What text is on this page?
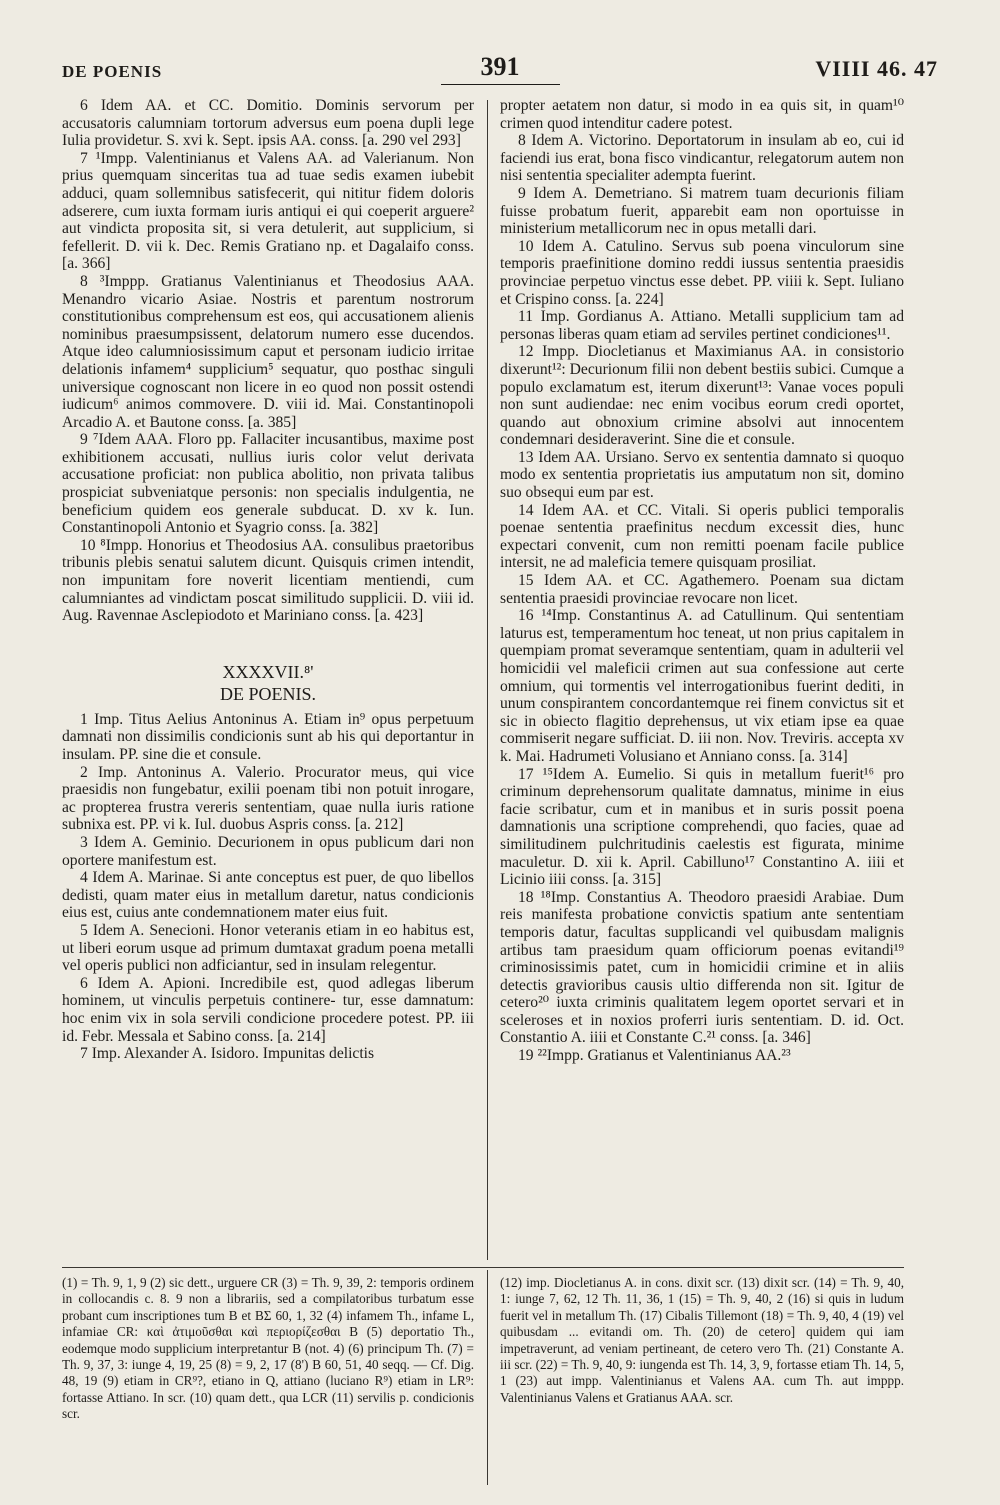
DE POENIS	391	VIIII 46. 47

6 Idem AA. et CC. Domitio. Dominis servorum per accusatoris calumniam tortorum adversus eum poena dupli lege Iulia providetur. S. xvi k. Sept. ipsis AA. conss. [a. 290 vel 293]

7 ¹Impp. Valentinianus et Valens AA. ad Valerianum. Non prius quemquam sinceritas tua ad tuae sedis examen iubebit adduci, quam sollemnibus satisfecerit, qui nititur fidem doloris adserere, cum iuxta formam iuris antiqui ei qui coeperit arguere² aut vindicta proposita sit, si vera detulerit, aut supplicium, si fefellerit. D. vii k. Dec. Remis Gratiano np. et Dagalaifo conss. [a. 366]

8 ³Imppp. Gratianus Valentinianus et Theodosius AAA. Menandro vicario Asiae. Nostris et parentum nostrorum constitutionibus comprehensum est eos, qui accusationem alienis nominibus praesumpsissent, delatorum numero esse ducendos. Atque ideo calumniosissimum caput et personam iudicio irritae delationis infamem⁴ supplicium⁵ sequatur, quo posthac singuli universique cognoscant non licere in eo quod non possit ostendi iudicum⁶ animos commovere. D. viii id. Mai. Constantinopoli Arcadio A. et Bautone conss. [a. 385]

9 ⁷Idem AAA. Floro pp. Fallaciter incusantibus, maxime post exhibitionem accusati, nullius iuris color velut derivata accusatione proficiat: non publica abolitio, non privata talibus prospiciat subveniatque personis: non specialis indulgentia, ne beneficium quidem eos generale subducat. D. xv k. Iun. Constantinopoli Antonio et Syagrio conss. [a. 382]

10 ⁸Impp. Honorius et Theodosius AA. consulibus praetoribus tribunis plebis senatui salutem dicunt. Quisquis crimen intendit, non impunitam fore noverit licentiam mentiendi, cum calumniantes ad vindictam poscat similitudo supplicii. D. viii id. Aug. Ravennae Asclepiodoto et Mariniano conss. [a. 423]

XXXXVII.⁸'
DE POENIS.

1 Imp. Titus Aelius Antoninus A. Etiam in⁹ opus perpetuum damnati non dissimilis condicionis sunt ab his qui deportantur in insulam. PP. sine die et consule.

2 Imp. Antoninus A. Valerio. Procurator meus, qui vice praesidis non fungebatur, exilii poenam tibi non potuit inrogare, ac propterea frustra vereris sententiam, quae nulla iuris ratione subnixa est. PP. vi k. Iul. duobus Aspris conss. [a. 212]

3 Idem A. Geminio. Decurionem in opus publicum dari non oportere manifestum est.

4 Idem A. Marinae. Si ante conceptus est puer, de quo libellos dedisti, quam mater eius in metallum daretur, natus condicionis eius est, cuius ante condemnationem mater eius fuit.

5 Idem A. Senecioni. Honor veteranis etiam in eo habitus est, ut liberi eorum usque ad primum dumtaxat gradum poena metalli vel operis publici non adficiantur, sed in insulam relegentur.

6 Idem A. Apioni. Incredibile est, quod adlegas liberum hominem, ut vinculis perpetuis continere- tur, esse damnatum: hoc enim vix in sola servili condicione procedere potest. PP. iii id. Febr. Messala et Sabino conss. [a. 214]

7 Imp. Alexander A. Isidoro. Impunitas delictis

propter aetatem non datur, si modo in ea quis sit, in quam¹⁰ crimen quod intenditur cadere potest.

8 Idem A. Victorino. Deportatorum in insulam ab eo, cui id faciendi ius erat, bona fisco vindicantur, relegatorum autem non nisi sententia specialiter adempta fuerint.

9 Idem A. Demetriano. Si matrem tuam decurionis filiam fuisse probatum fuerit, apparebit eam non oportuisse in ministerium metallicorum nec in opus metalli dari.

10 Idem A. Catulino. Servus sub poena vinculorum sine temporis praefinitione domino reddi iussus sententia praesidis provinciae perpetuo vinctus esse debet. PP. viiii k. Sept. Iuliano et Crispino conss. [a. 224]

11 Imp. Gordianus A. Attiano. Metalli supplicium tam ad personas liberas quam etiam ad serviles pertinet condiciones¹¹.

12 Impp. Diocletianus et Maximianus AA. in consistorio dixerunt¹²: Decurionum filii non debent bestiis subici. Cumque a populo exclamatum est, iterum dixerunt¹³: Vanae voces populi non sunt audiendae: nec enim vocibus eorum credi oportet, quando aut obnoxium crimine absolvi aut innocentem condemnari desideraverint. Sine die et consule.

13 Idem AA. Ursiano. Servo ex sententia damnato si quoquo modo ex sententia proprietatis ius amputatum non sit, domino suo obsequi eum par est.

14 Idem AA. et CC. Vitali. Si operis publici temporalis poenae sententia praefinitus necdum excessit dies, hunc expectari convenit, cum non remitti poenam facile publice intersit, ne ad maleficia temere quisquam prosiliat.

15 Idem AA. et CC. Agathemero. Poenam sua dictam sententia praesidi provinciae revocare non licet.

16 ¹⁴Imp. Constantinus A. ad Catullinum. Qui sententiam laturus est, temperamentum hoc teneat, ut non prius capitalem in quempiam promat severamque sententiam, quam in adulterii vel homicidii vel maleficii crimen aut sua confessione aut certe omnium, qui tormentis vel interrogationibus fuerint dediti, in unum conspirantem concordantemque rei finem convictus sit et sic in obiecto flagitio deprehensus, ut vix etiam ipse ea quae commiserit negare sufficiat. D. iii non. Nov. Treviris. accepta xv k. Mai. Hadrumeti Volusiano et Anniano conss. [a. 314]

17 ¹⁵Idem A. Eumelio. Si quis in metallum fuerit¹⁶ pro criminum deprehensorum qualitate damnatus, minime in eius facie scribatur, cum et in manibus et in suris possit poena damnationis una scriptione comprehendi, quo facies, quae ad similitudinem pulchritudinis caelestis est figurata, minime maculetur. D. xii k. April. Cabilluno¹⁷ Constantino A. iiii et Licinio iiii conss. [a. 315]

18 ¹⁸Imp. Constantius A. Theodoro praesidi Arabiae. Dum reis manifesta probatione convictis spatium ante sententiam temporis datur, facultas supplicandi vel quibusdam malignis artibus tam praesidum quam officiorum poenas evitandi¹⁹ criminosissimis patet, cum in homicidii crimine et in aliis detectis gravioribus causis ultio differenda non sit. Igitur de cetero²⁰ iuxta criminis qualitatem legem oportet servari et in sceleroses et in noxios proferri iuris sententiam. D. id. Oct. Constantio A. iiii et Constante C.²¹ conss. [a. 346]

19 ²²Impp. Gratianus et Valentinianus AA.²³

(1) = Th. 9, 1, 9 (2) sic dett., urguere CR (3) = Th. 9, 39, 2: temporis ordinem in collocandis c. 8. 9 non a librariis, sed a compilatoribus turbatum esse probant cum inscriptiones tum B et BΣ 60, 1, 32 (4) infamem Th., infame L, infamiae CR: καὶ ἀτιμοῦσθαι καὶ περιορίζεσθαι B (5) deportatio Th., eodemque modo supplicium interpretantur B (not. 4) (6) principum Th. (7) = Th. 9, 37, 3: iunge 4, 19, 25 (8) = 9, 2, 17 (8') B 60, 51, 40 seqq. — Cf. Dig. 48, 19 (9) etiam in CR⁹?, etiano in Q, attiano (luciano R⁹) etiam in LR⁹: fortasse Attiano. In scr. (10) quam dett., qua LCR (11) servilis p. condicionis scr.

(12) imp. Diocletianus A. in cons. dixit scr. (13) dixit scr. (14) = Th. 9, 40, 1: iunge 7, 62, 12 Th. 11, 36, 1 (15) = Th. 9, 40, 2 (16) si quis in ludum fuerit vel in metallum Th. (17) Cibalis Tillemont (18) = Th. 9, 40, 4 (19) vel quibusdam ... evitandi om. Th. (20) de cetero] quidem qui iam impetraverunt, ad veniam pertineant, de cetero vero Th. (21) Constante A. iii scr. (22) = Th. 9, 40, 9: iungenda est Th. 14, 3, 9, fortasse etiam Th. 14, 5, 1 (23) aut impp. Valentinianus et Valens AA. cum Th. aut imppp. Valentinianus Valens et Gratianus AAA. scr.
